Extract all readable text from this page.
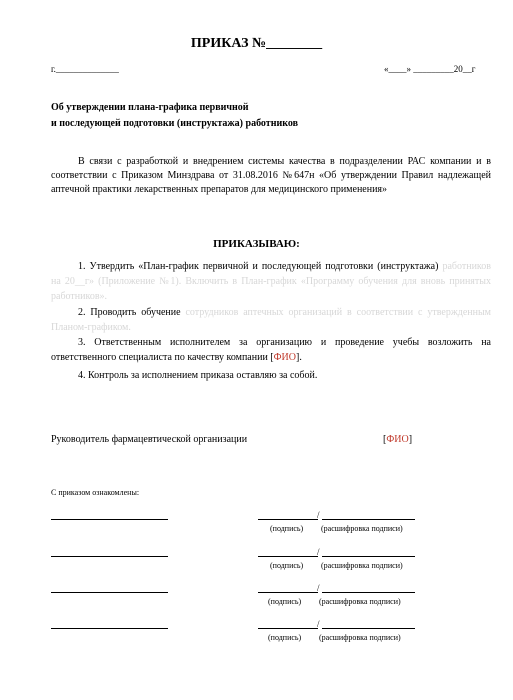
ПРИКАЗ №________
г.______________	«____» _________20__г
Об утверждении плана-графика первичной
и последующей подготовки (инструктажа) работников
В связи с разработкой и внедрением системы качества в подразделении РАС компании и в соответствии с Приказом Минздрава от 31.08.2016 №647н «Об утверждении Правил надлежащей аптечной практики лекарственных препаратов для медицинского применения»
ПРИКАЗЫВАЮ:
1. Утвердить «План-график первичной и последующей подготовки (инструктажа) работников на 20__г» (Приложение №1). Включить в План-график «Программу обучения для вновь принятых работников».
2. Проводить обучение сотрудников аптечных организаций в соответствии с утвержденным Планом-графиком.
3. Ответственным исполнителем за организацию и проведение учебы возложить на ответственного специалиста по качеству компании [ФИО].
4. Контроль за исполнением приказа оставляю за собой.
Руководитель фармацевтической организации	[ФИО]
С приказом ознакомлены:
/
(подпись) (расшифровка подписи)
/
(подпись) (расшифровка подписи)
/
(подпись) (расшифровка подписи)
/
(подпись) (расшифровка подписи)
